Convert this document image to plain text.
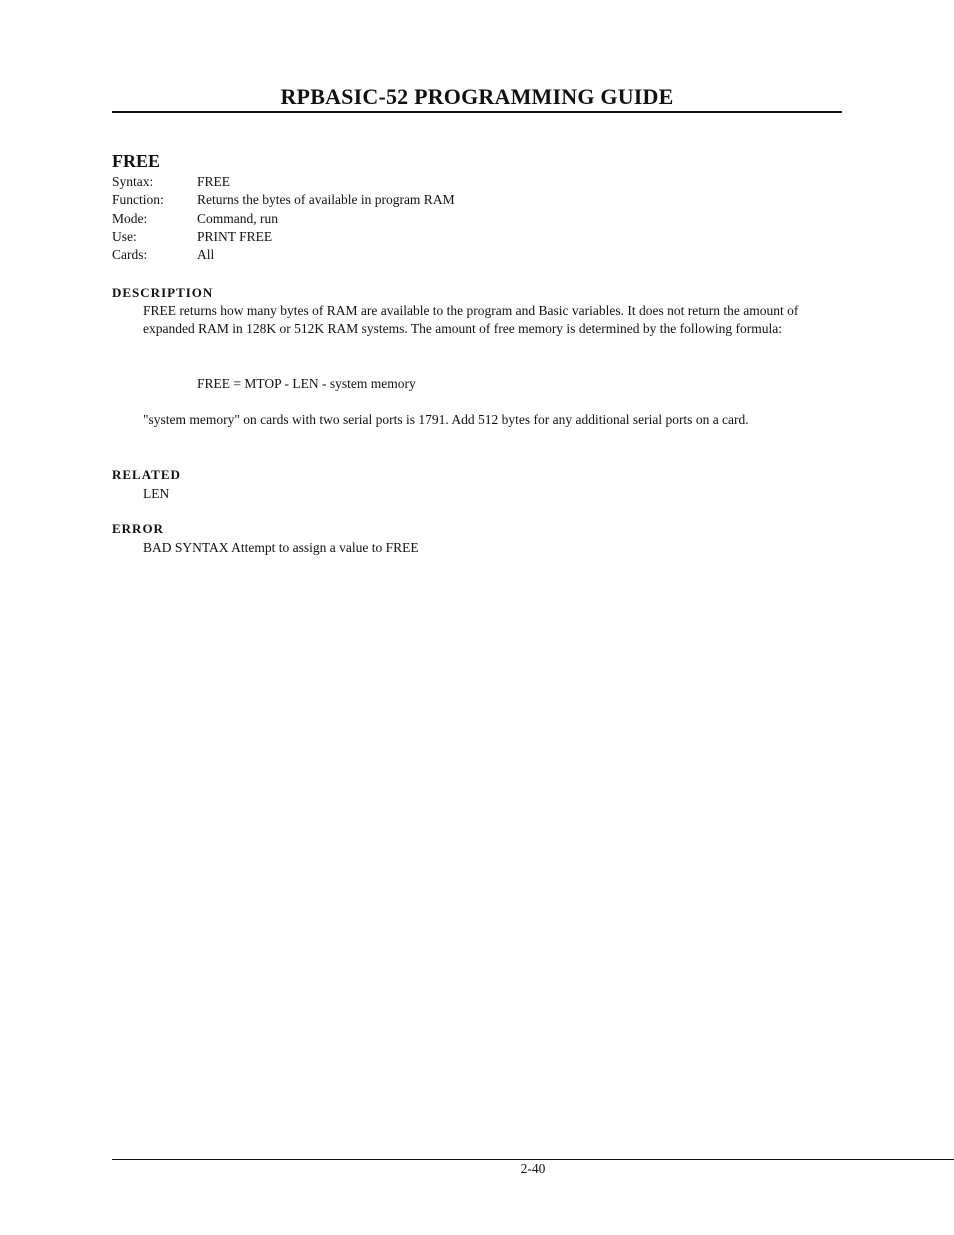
RPBASIC-52 PROGRAMMING GUIDE
FREE
Syntax:	FREE
Function:	Returns the bytes of available in program RAM
Mode:	Command, run
Use:	PRINT FREE
Cards:	All
DESCRIPTION
FREE returns how many bytes of RAM are available to the program and Basic variables. It does not return the amount of expanded RAM in 128K or 512K RAM systems. The amount of free memory is determined by the following formula:
FREE = MTOP - LEN - system memory
"system memory" on cards with two serial ports is 1791. Add 512 bytes for any additional serial ports on a card.
RELATED
LEN
ERROR
BAD SYNTAX Attempt to assign a value to FREE
2-40
